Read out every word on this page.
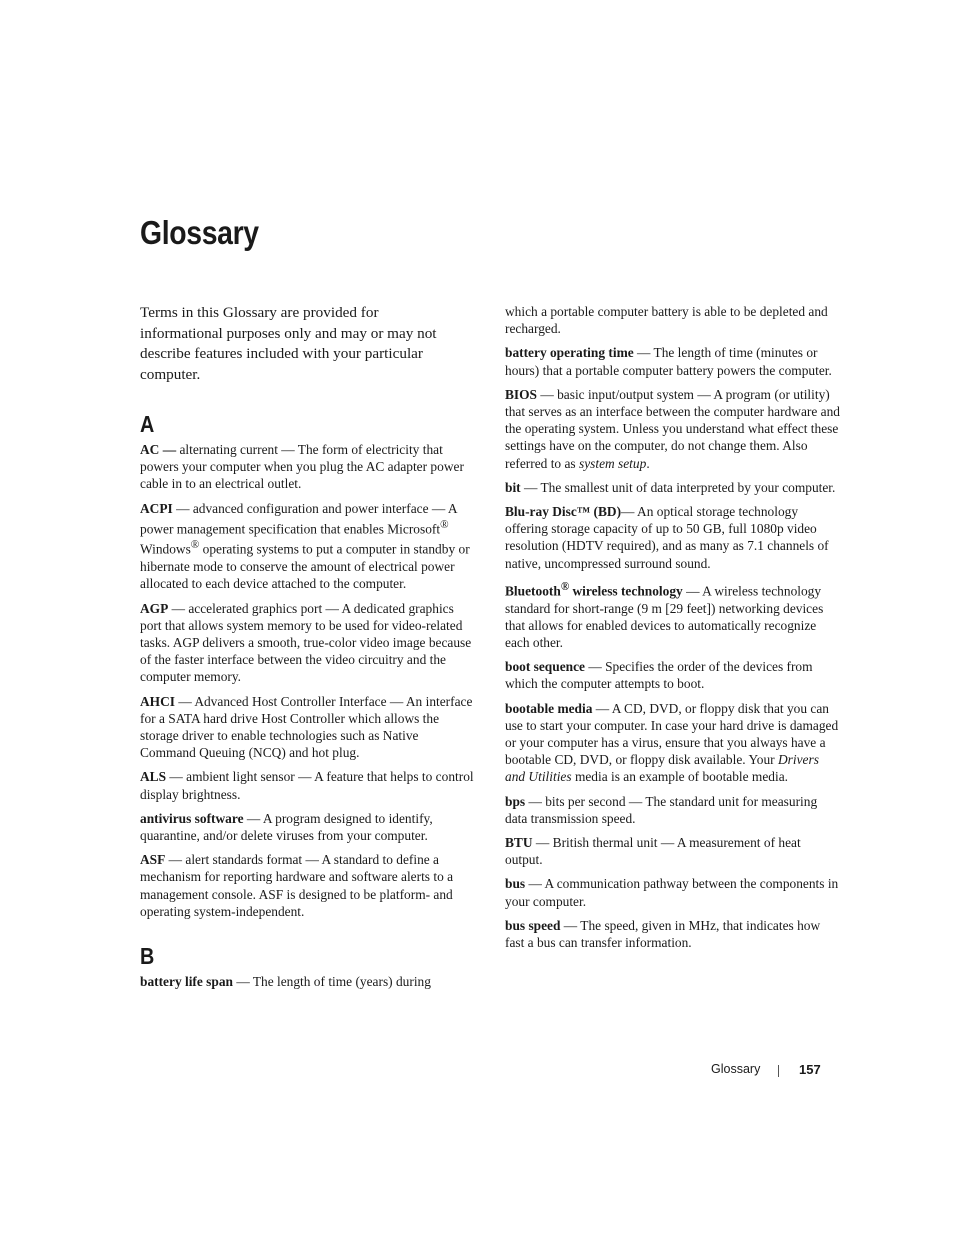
Glossary

Terms in this Glossary are provided for informational purposes only and may or may not describe features included with your particular computer.

A

AC — alternating current — The form of electricity that powers your computer when you plug the AC adapter power cable in to an electrical outlet.

ACPI — advanced configuration and power interface — A power management specification that enables Microsoft® Windows® operating systems to put a computer in standby or hibernate mode to conserve the amount of electrical power allocated to each device attached to the computer.

AGP — accelerated graphics port — A dedicated graphics port that allows system memory to be used for video-related tasks. AGP delivers a smooth, true-color video image because of the faster interface between the video circuitry and the computer memory.

AHCI — Advanced Host Controller Interface — An interface for a SATA hard drive Host Controller which allows the storage driver to enable technologies such as Native Command Queuing (NCQ) and hot plug.

ALS — ambient light sensor — A feature that helps to control display brightness.

antivirus software — A program designed to identify, quarantine, and/or delete viruses from your computer.

ASF — alert standards format — A standard to define a mechanism for reporting hardware and software alerts to a management console. ASF is designed to be platform- and operating system-independent.

B

battery life span — The length of time (years) during

which a portable computer battery is able to be depleted and recharged.

battery operating time — The length of time (minutes or hours) that a portable computer battery powers the computer.

BIOS — basic input/output system — A program (or utility) that serves as an interface between the computer hardware and the operating system. Unless you understand what effect these settings have on the computer, do not change them. Also referred to as system setup.

bit — The smallest unit of data interpreted by your computer.

Blu-ray Disc™ (BD)— An optical storage technology offering storage capacity of up to 50 GB, full 1080p video resolution (HDTV required), and as many as 7.1 channels of native, uncompressed surround sound.

Bluetooth® wireless technology — A wireless technology standard for short-range (9 m [29 feet]) networking devices that allows for enabled devices to automatically recognize each other.

boot sequence — Specifies the order of the devices from which the computer attempts to boot.

bootable media — A CD, DVD, or floppy disk that you can use to start your computer. In case your hard drive is damaged or your computer has a virus, ensure that you always have a bootable CD, DVD, or floppy disk available. Your Drivers and Utilities media is an example of bootable media.

bps — bits per second — The standard unit for measuring data transmission speed.

BTU — British thermal unit — A measurement of heat output.

bus — A communication pathway between the components in your computer.

bus speed — The speed, given in MHz, that indicates how fast a bus can transfer information.

Glossary	157
